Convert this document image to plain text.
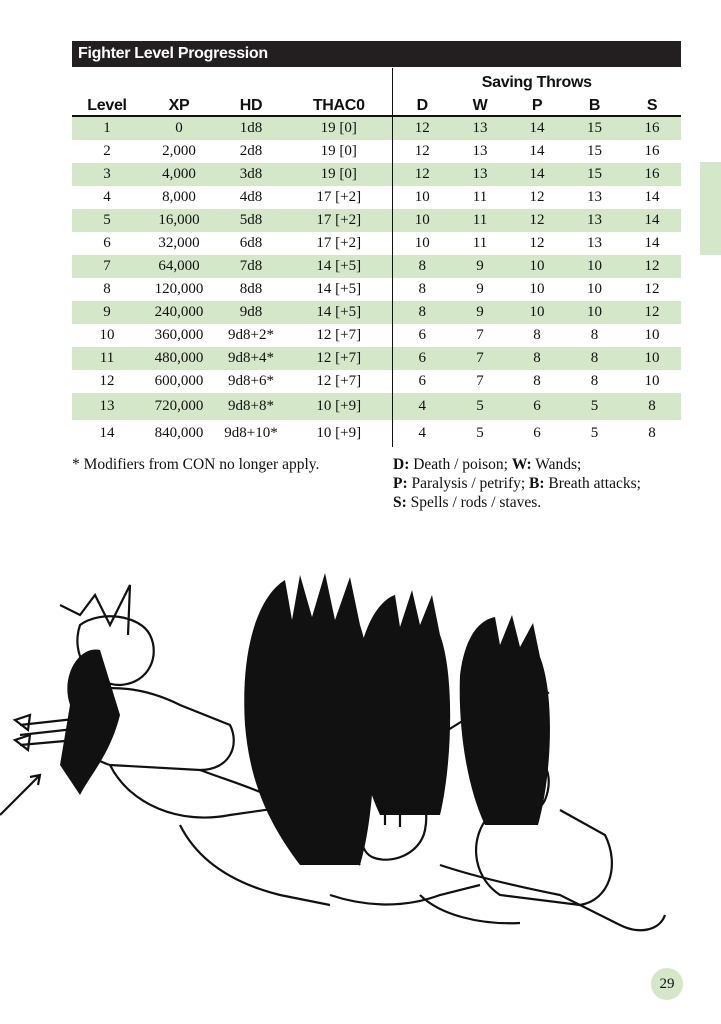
Fighter Level Progression
				Saving Throws				
Level	XP	HD	THAC0	D	W	P	B	S
1	0	1d8	19 [0]	12	13	14	15	16
2	2,000	2d8	19 [0]	12	13	14	15	16
3	4,000	3d8	19 [0]	12	13	14	15	16
4	8,000	4d8	17 [+2]	10	11	12	13	14
5	16,000	5d8	17 [+2]	10	11	12	13	14
6	32,000	6d8	17 [+2]	10	11	12	13	14
7	64,000	7d8	14 [+5]	8	9	10	10	12
8	120,000	8d8	14 [+5]	8	9	10	10	12
9	240,000	9d8	14 [+5]	8	9	10	10	12
10	360,000	9d8+2*	12 [+7]	6	7	8	8	10
11	480,000	9d8+4*	12 [+7]	6	7	8	8	10
12	600,000	9d8+6*	12 [+7]	6	7	8	8	10
13	720,000	9d8+8*	10 [+9]	4	5	6	5	8
14	840,000	9d8+10*	10 [+9]	4	5	6	5	8
* Modifiers from CON no longer apply.	D: Death / poison; W: Wands;
P: Paralysis / petrify; B: Breath attacks;
S: Spells / rods / staves.
29
